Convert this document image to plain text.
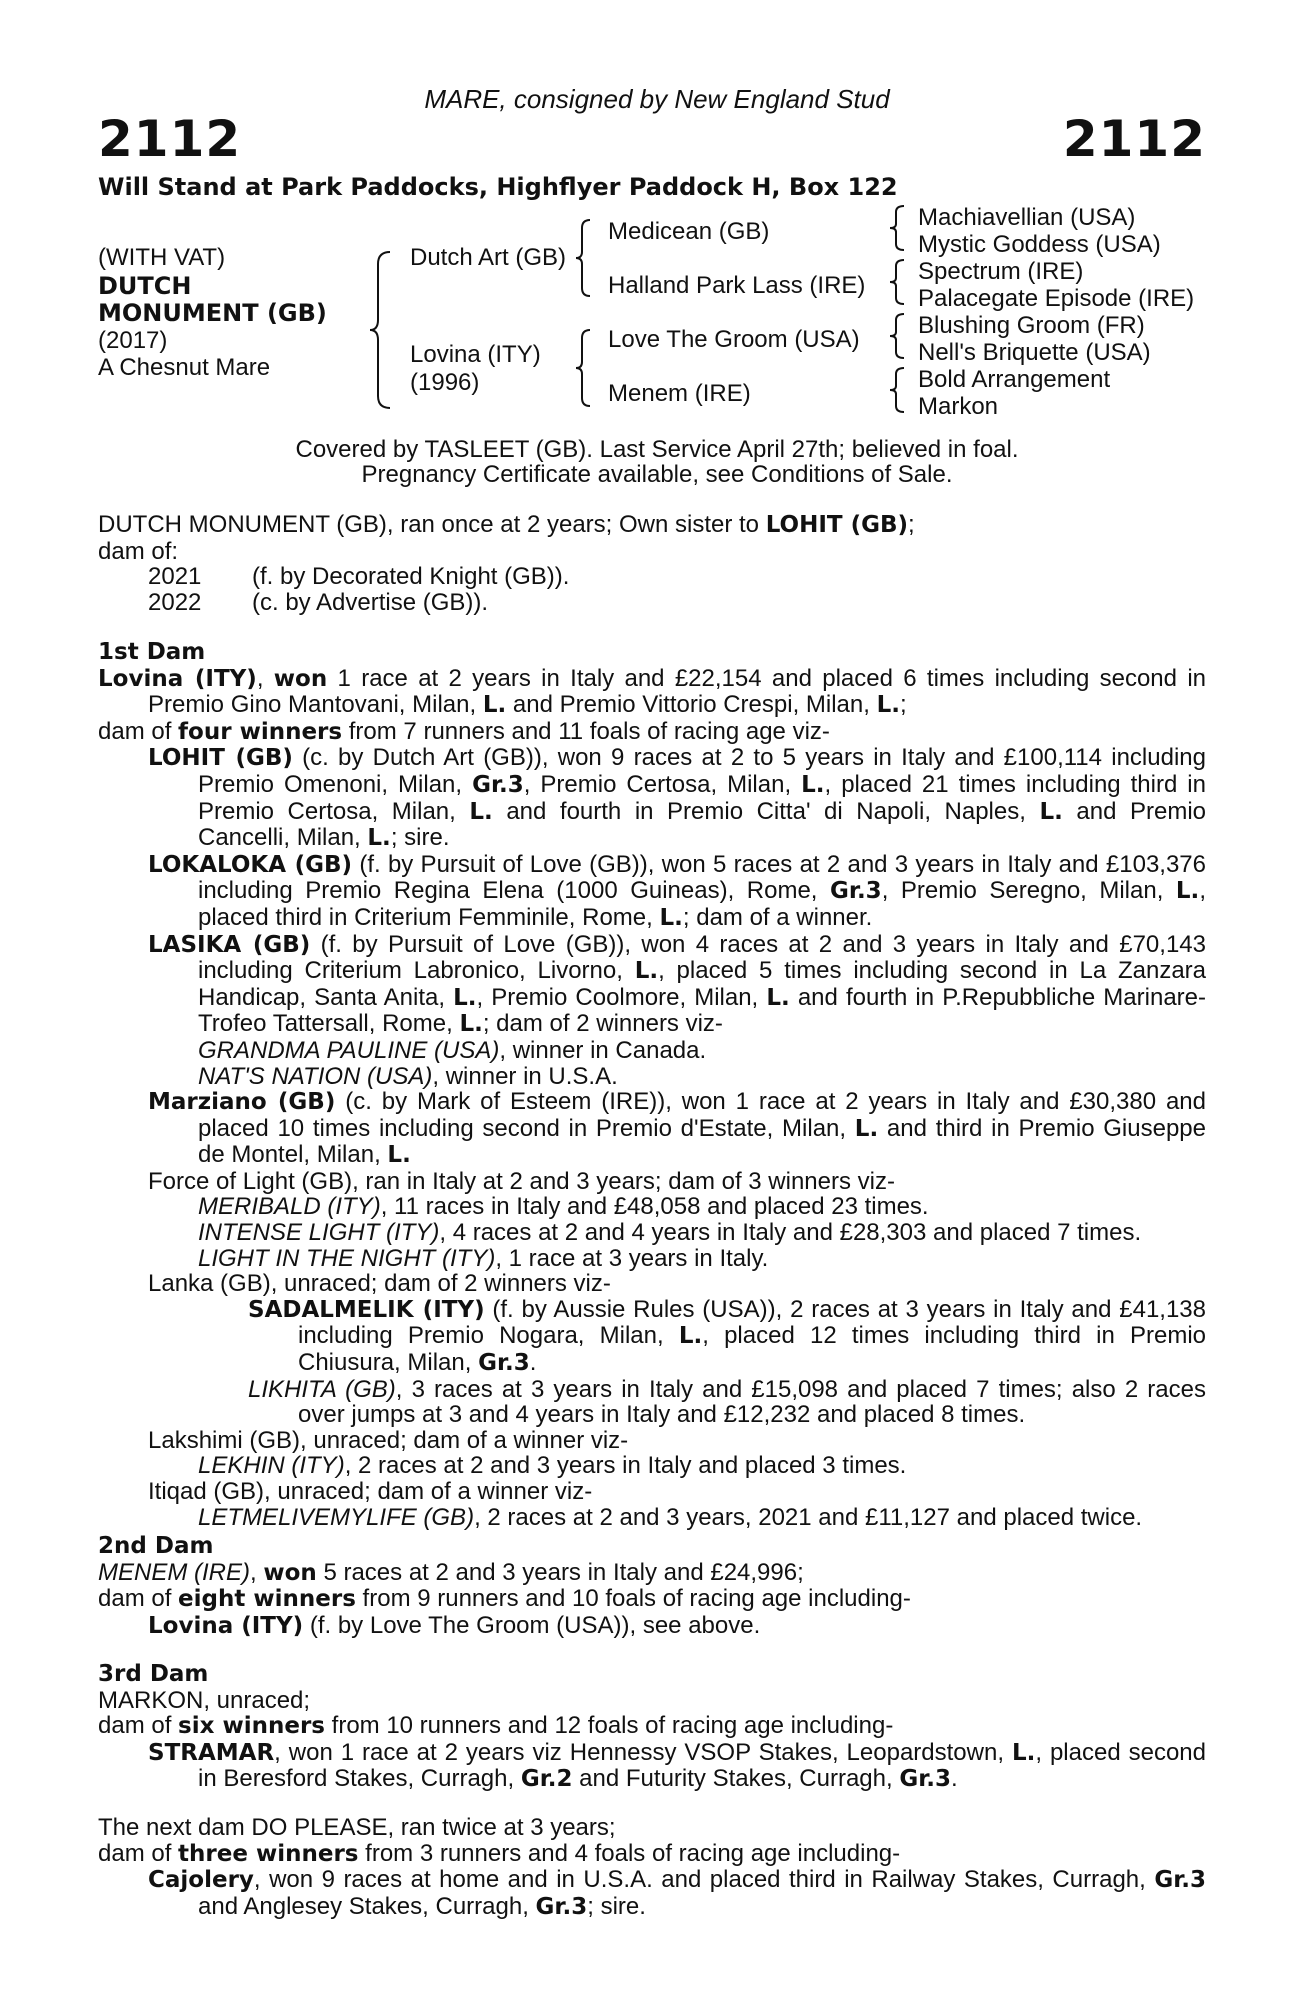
MARE, consigned by New England Stud
2112	2112
Will Stand at Park Paddocks, Highflyer Paddock H, Box 122
(WITH VAT)
DUTCH
MONUMENT (GB)
(2017)
A Chesnut Mare
Dutch Art (GB)
Lovina (ITY)
(1996)
Medicean (GB)
Halland Park Lass (IRE)
Love The Groom (USA)
Menem (IRE)
Machiavellian (USA)
Mystic Goddess (USA)
Spectrum (IRE)
Palacegate Episode (IRE)
Blushing Groom (FR)
Nell's Briquette (USA)
Bold Arrangement
Markon
Covered by TASLEET (GB). Last Service April 27th; believed in foal.
Pregnancy Certificate available, see Conditions of Sale.

DUTCH MONUMENT (GB), ran once at 2 years; Own sister to LOHIT (GB);

dam of:

2021 (f. by Decorated Knight (GB)).

2022 (c. by Advertise (GB)).

1st Dam

Lovina (ITY), won 1 race at 2 years in Italy and £22,154 and placed 6 times including second in Premio Gino Mantovani, Milan, L. and Premio Vittorio Crespi, Milan, L.;

dam of four winners from 7 runners and 11 foals of racing age viz-

LOHIT (GB) (c. by Dutch Art (GB)), won 9 races at 2 to 5 years in Italy and £100,114 including Premio Omenoni, Milan, Gr.3, Premio Certosa, Milan, L., placed 21 times including third in Premio Certosa, Milan, L. and fourth in Premio Citta' di Napoli, Naples, L. and Premio Cancelli, Milan, L.; sire.

LOKALOKA (GB) (f. by Pursuit of Love (GB)), won 5 races at 2 and 3 years in Italy and £103,376 including Premio Regina Elena (1000 Guineas), Rome, Gr.3, Premio Seregno, Milan, L., placed third in Criterium Femminile, Rome, L.; dam of a winner.

LASIKA (GB) (f. by Pursuit of Love (GB)), won 4 races at 2 and 3 years in Italy and £70,143 including Criterium Labronico, Livorno, L., placed 5 times including second in La Zanzara Handicap, Santa Anita, L., Premio Coolmore, Milan, L. and fourth in P.Repubbliche Marinare-Trofeo Tattersall, Rome, L.; dam of 2 winners viz-

GRANDMA PAULINE (USA), winner in Canada.

NAT'S NATION (USA), winner in U.S.A.

Marziano (GB) (c. by Mark of Esteem (IRE)), won 1 race at 2 years in Italy and £30,380 and placed 10 times including second in Premio d'Estate, Milan, L. and third in Premio Giuseppe de Montel, Milan, L.

Force of Light (GB), ran in Italy at 2 and 3 years; dam of 3 winners viz-

MERIBALD (ITY), 11 races in Italy and £48,058 and placed 23 times.

INTENSE LIGHT (ITY), 4 races at 2 and 4 years in Italy and £28,303 and placed 7 times.

LIGHT IN THE NIGHT (ITY), 1 race at 3 years in Italy.

Lanka (GB), unraced; dam of 2 winners viz-

SADALMELIK (ITY) (f. by Aussie Rules (USA)), 2 races at 3 years in Italy and £41,138 including Premio Nogara, Milan, L., placed 12 times including third in Premio Chiusura, Milan, Gr.3.

LIKHITA (GB), 3 races at 3 years in Italy and £15,098 and placed 7 times; also 2 races over jumps at 3 and 4 years in Italy and £12,232 and placed 8 times.

Lakshimi (GB), unraced; dam of a winner viz-

LEKHIN (ITY), 2 races at 2 and 3 years in Italy and placed 3 times.

Itiqad (GB), unraced; dam of a winner viz-

LETMELIVEMYLIFE (GB), 2 races at 2 and 3 years, 2021 and £11,127 and placed twice.

2nd Dam

MENEM (IRE), won 5 races at 2 and 3 years in Italy and £24,996;

dam of eight winners from 9 runners and 10 foals of racing age including-

Lovina (ITY) (f. by Love The Groom (USA)), see above.

3rd Dam

MARKON, unraced;

dam of six winners from 10 runners and 12 foals of racing age including-

STRAMAR, won 1 race at 2 years viz Hennessy VSOP Stakes, Leopardstown, L., placed second in Beresford Stakes, Curragh, Gr.2 and Futurity Stakes, Curragh, Gr.3.

The next dam DO PLEASE, ran twice at 3 years;

dam of three winners from 3 runners and 4 foals of racing age including-

Cajolery, won 9 races at home and in U.S.A. and placed third in Railway Stakes, Curragh, Gr.3 and Anglesey Stakes, Curragh, Gr.3; sire.
